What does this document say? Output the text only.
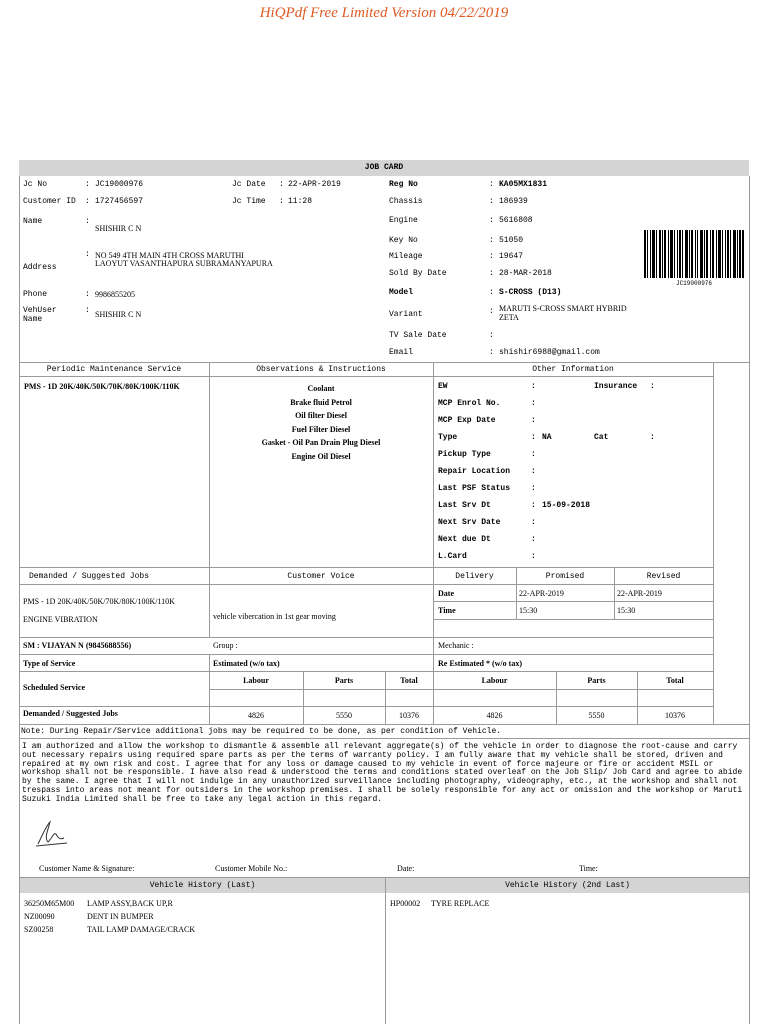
HiQPdf Free Limited Version 04/22/2019
JOB CARD
Jc No	: JC19000976
Customer ID : 1727456597
Name	:
SHISHIR C N
Address
: NO 549 4TH MAIN 4TH CROSS MARUTHI LAOYUT VASANTHAPURA SUBRAMANYAPURA
Phone	: 9986855205
VehUser Name
: SHISHIR C N
Jc Date : 22-APR-2019
Jc Time : 11:28
Reg No	: KA05MX1831
Chassis	: 186939
Engine	: 5616808
Key No	: 51050
Mileage	: 19647
Sold By Date	: 28-MAR-2018
Model	: S-CROSS (D13)
Variant	: MARUTI S-CROSS SMART HYBRID ZETA
TV Sale Date	:
Email	: shishir6988@gmail.com
JC19000976
Periodic Maintenance Service	Observations & Instructions	Other Information
PMS - 1D 20K/40K/50K/70K/80K/100K/110K	Coolant
Brake fluid Petrol
Oil filter Diesel
Fuel Filter Diesel
Gasket - Oil Pan Drain Plug Diesel
Engine Oil Diesel
EW	:	Insurance :
MCP Enrol No.	:
MCP Exp Date	:
Type	: NA	Cat	:
Pickup Type	:
Repair Location	:
Last PSF Status	:
Last Srv Dt	: 15-09-2018
Next Srv Date	:
Next due Dt	:
L.Card	:
Demanded / Suggested Jobs	Customer Voice	Delivery	Promised	Revised
PMS - 1D 20K/40K/50K/70K/80K/100K/110K
ENGINE VIBRATION	vehicle vibercation in 1st gear moving
Date	22-APR-2019	22-APR-2019
Time	15:30	15:30
SM : VIJAYAN N (9845688556)	Group :	Mechanic :
Type of Service	Estimated (w/o tax)	Re Estimated * (w/o tax)
Scheduled Service
Labour	Parts	Total	Labour	Parts	Total
Demanded / Suggested Jobs	4826	5550	10376	4826	5550	10376
Note: During Repair/Service additional jobs may be required to be done, as per condition of Vehicle.
I am authorized and allow the workshop to dismantle & assemble all relevant aggregate(s) of the vehicle in order to diagnose the root-cause and carry out necessary repairs using required spare parts as per the terms of warranty policy. I am fully aware that my vehicle shall be stored, driven and repaired at my own risk and cost. I agree that for any loss or damage caused to my vehicle in event of force majeure or fire or accident MSIL or workshop shall not be responsible. I have also read & understood the terms and conditions stated overleaf on the Job Slip/ Job Card and agree to abide by the same. I agree that I will not indulge in any unauthorized surveillance including photography, videography, etc., at the workshop and shall not trespass into areas not meant for outsiders in the workshop premises. I shall be solely responsible for any act or omission and the workshop or Maruti Suzuki India Limited shall be free to take any legal action in this regard.
Customer Name & Signature:	Customer Mobile No.:	Date:	Time:
Vehicle History (Last)	Vehicle History (2nd Last)
36250M65M00 LAMP ASSY,BACK UP,R
NZ00090	DENT IN BUMPER
SZ00258	TAIL LAMP DAMAGE/CRACK
HP00002 TYRE REPLACE
